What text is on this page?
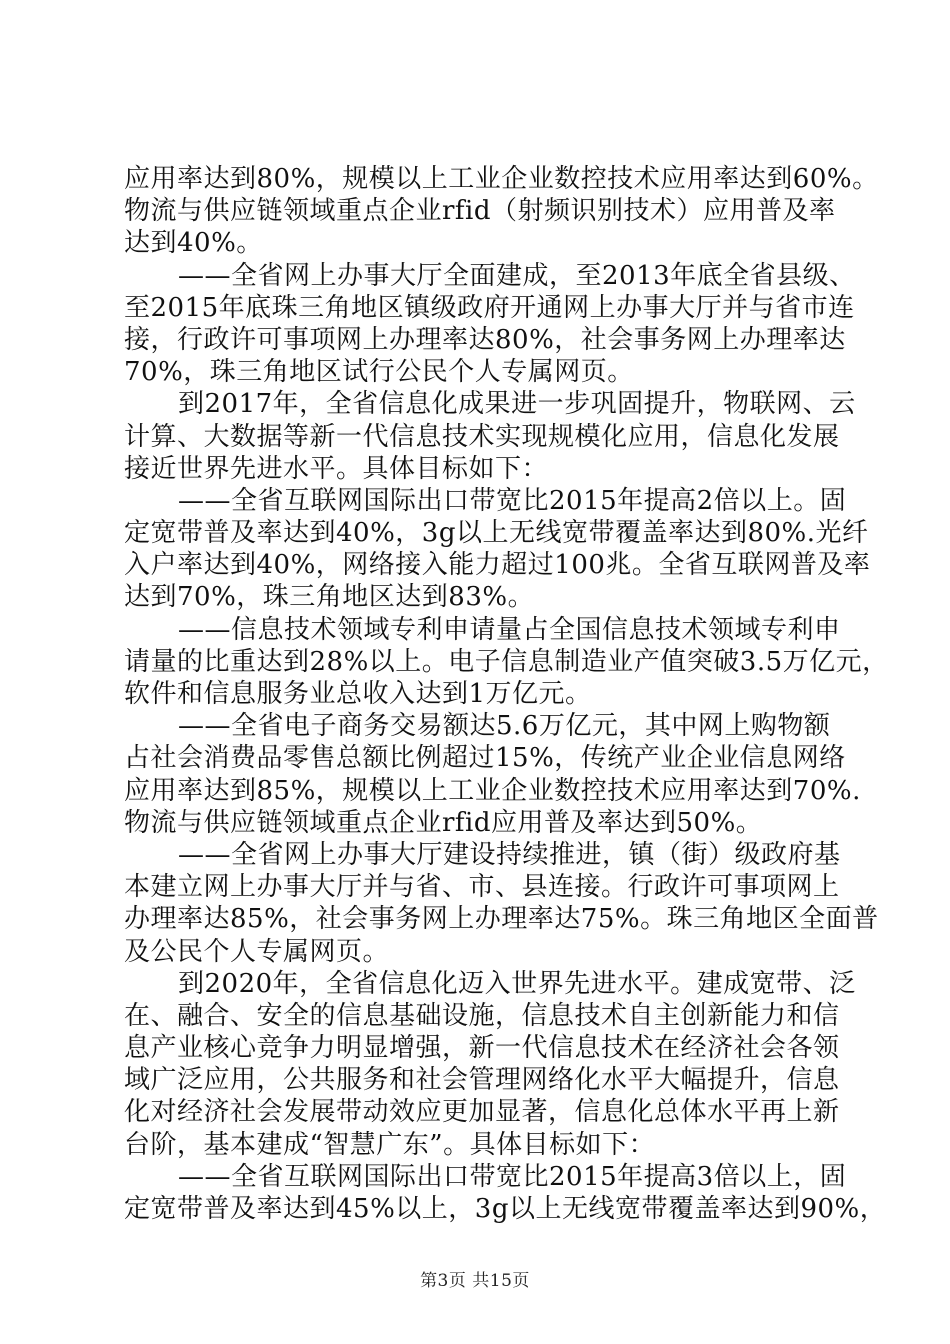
应用率达到80%，规模以上工业企业数控技术应用率达到60%。
物流与供应链领域重点企业rfid（射频识别技术）应用普及率
达到40%。
——全省网上办事大厅全面建成，至2013年底全省县级、
至2015年底珠三角地区镇级政府开通网上办事大厅并与省市连
接，行政许可事项网上办理率达80%，社会事务网上办理率达
70%，珠三角地区试行公民个人专属网页。
到2017年，全省信息化成果进一步巩固提升，物联网、云
计算、大数据等新一代信息技术实现规模化应用，信息化发展
接近世界先进水平。具体目标如下：
——全省互联网国际出口带宽比2015年提高2倍以上。固
定宽带普及率达到40%，3g以上无线宽带覆盖率达到80%.光纤
入户率达到40%，网络接入能力超过100兆。全省互联网普及率
达到70%，珠三角地区达到83%。
——信息技术领域专利申请量占全国信息技术领域专利申
请量的比重达到28%以上。电子信息制造业产值突破3.5万亿元，
软件和信息服务业总收入达到1万亿元。
——全省电子商务交易额达5.6万亿元，其中网上购物额
占社会消费品零售总额比例超过15%，传统产业企业信息网络
应用率达到85%，规模以上工业企业数控技术应用率达到70%.
物流与供应链领域重点企业rfid应用普及率达到50%。
——全省网上办事大厅建设持续推进，镇（街）级政府基
本建立网上办事大厅并与省、市、县连接。行政许可事项网上
办理率达85%，社会事务网上办理率达75%。珠三角地区全面普
及公民个人专属网页。
到2020年，全省信息化迈入世界先进水平。建成宽带、泛
在、融合、安全的信息基础设施，信息技术自主创新能力和信
息产业核心竞争力明显增强，新一代信息技术在经济社会各领
域广泛应用，公共服务和社会管理网络化水平大幅提升，信息
化对经济社会发展带动效应更加显著，信息化总体水平再上新
台阶，基本建成“智慧广东”。具体目标如下：
——全省互联网国际出口带宽比2015年提高3倍以上，固
定宽带普及率达到45%以上，3g以上无线宽带覆盖率达到90%，
第3页 共15页
